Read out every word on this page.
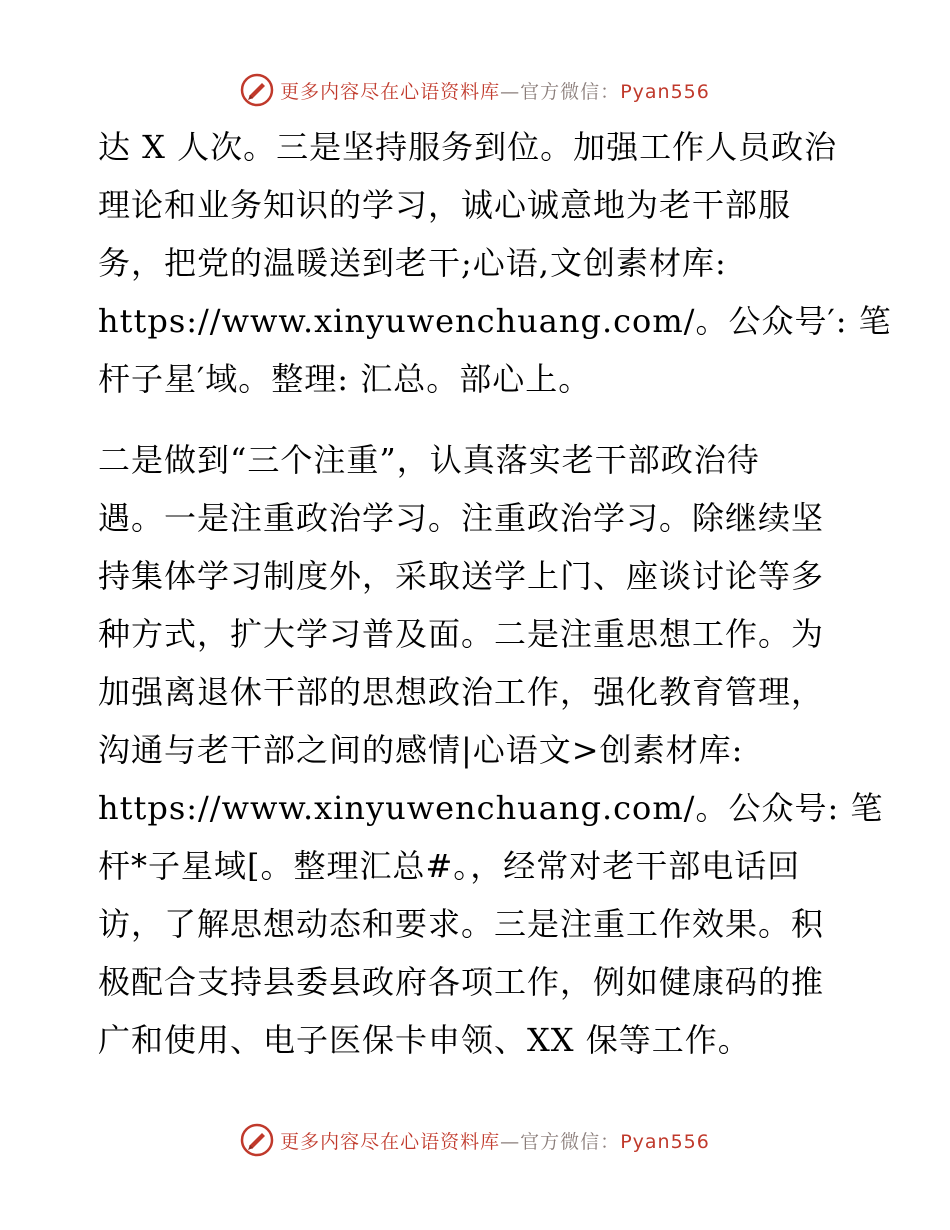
更多内容尽在心语资料库—官方微信：Pyan556
达 X 人次。三是坚持服务到位。加强工作人员政治
理论和业务知识的学习，诚心诚意地为老干部服
务，把党的温暖送到老干;心语,文创素材库:
https://www.xinyuwenchuang.com/。公众号′: 笔
杆子星′域。整理: 汇总。部心上。
二是做到“三个注重”，认真落实老干部政治待
遇。一是注重政治学习。注重政治学习。除继续坚
持集体学习制度外，采取送学上门、座谈讨论等多
种方式，扩大学习普及面。二是注重思想工作。为
加强离退休干部的思想政治工作，强化教育管理，
沟通与老干部之间的感情|心语文>创素材库:
https://www.xinyuwenchuang.com/。公众号: 笔
杆*子星域[。整理汇总#。，经常对老干部电话回
访，了解思想动态和要求。三是注重工作效果。积
极配合支持县委县政府各项工作，例如健康码的推
广和使用、电子医保卡申领、XX 保等工作。
更多内容尽在心语资料库—官方微信：Pyan556
